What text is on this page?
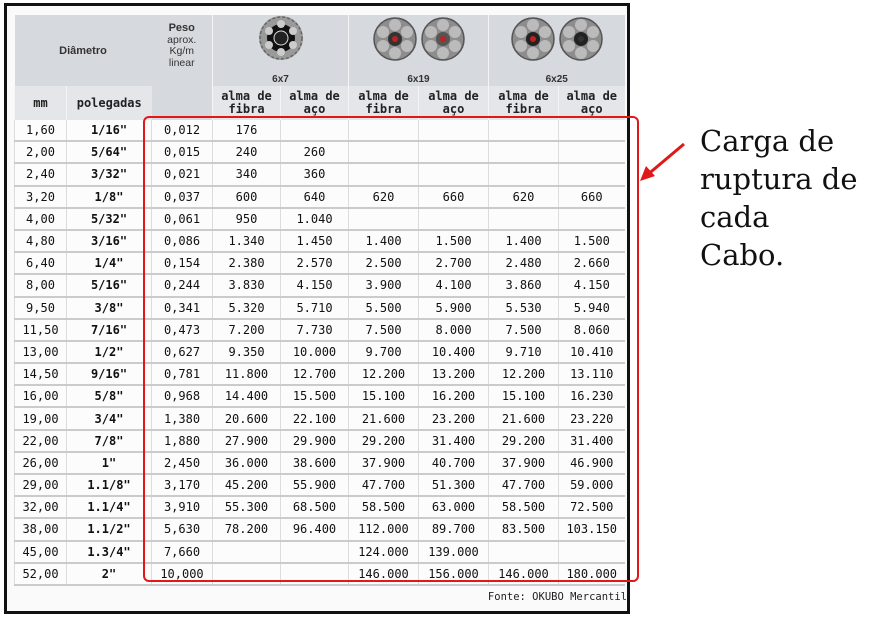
Diâmetro		Peso
aprox.
Kg/m
linear	6x7		6x19		6x25	
mm	polegadas		alma de fibra	alma de aço	alma de fibra	alma de aço	alma de fibra	alma de aço
1,60	1/16"	0,012	176					
2,00	5/64"	0,015	240	260				
2,40	3/32"	0,021	340	360				
3,20	1/8"	0,037	600	640	620	660	620	660
4,00	5/32"	0,061	950	1.040				
4,80	3/16"	0,086	1.340	1.450	1.400	1.500	1.400	1.500
6,40	1/4"	0,154	2.380	2.570	2.500	2.700	2.480	2.660
8,00	5/16"	0,244	3.830	4.150	3.900	4.100	3.860	4.150
9,50	3/8"	0,341	5.320	5.710	5.500	5.900	5.530	5.940
11,50	7/16"	0,473	7.200	7.730	7.500	8.000	7.500	8.060
13,00	1/2"	0,627	9.350	10.000	9.700	10.400	9.710	10.410
14,50	9/16"	0,781	11.800	12.700	12.200	13.200	12.200	13.110
16,00	5/8"	0,968	14.400	15.500	15.100	16.200	15.100	16.230
19,00	3/4"	1,380	20.600	22.100	21.600	23.200	21.600	23.220
22,00	7/8"	1,880	27.900	29.900	29.200	31.400	29.200	31.400
26,00	1"	2,450	36.000	38.600	37.900	40.700	37.900	46.900
29,00	1.1/8"	3,170	45.200	55.900	47.700	51.300	47.700	59.000
32,00	1.1/4"	3,910	55.300	68.500	58.500	63.000	58.500	72.500
38,00	1.1/2"	5,630	78.200	96.400	112.000	89.700	83.500	103.150
45,00	1.3/4"	7,660			124.000	139.000		
52,00	2"	10,000			146.000	156.000	146.000	180.000
Fonte: OKUBO Mercantil
Carga de
ruptura de
cada
Cabo.
